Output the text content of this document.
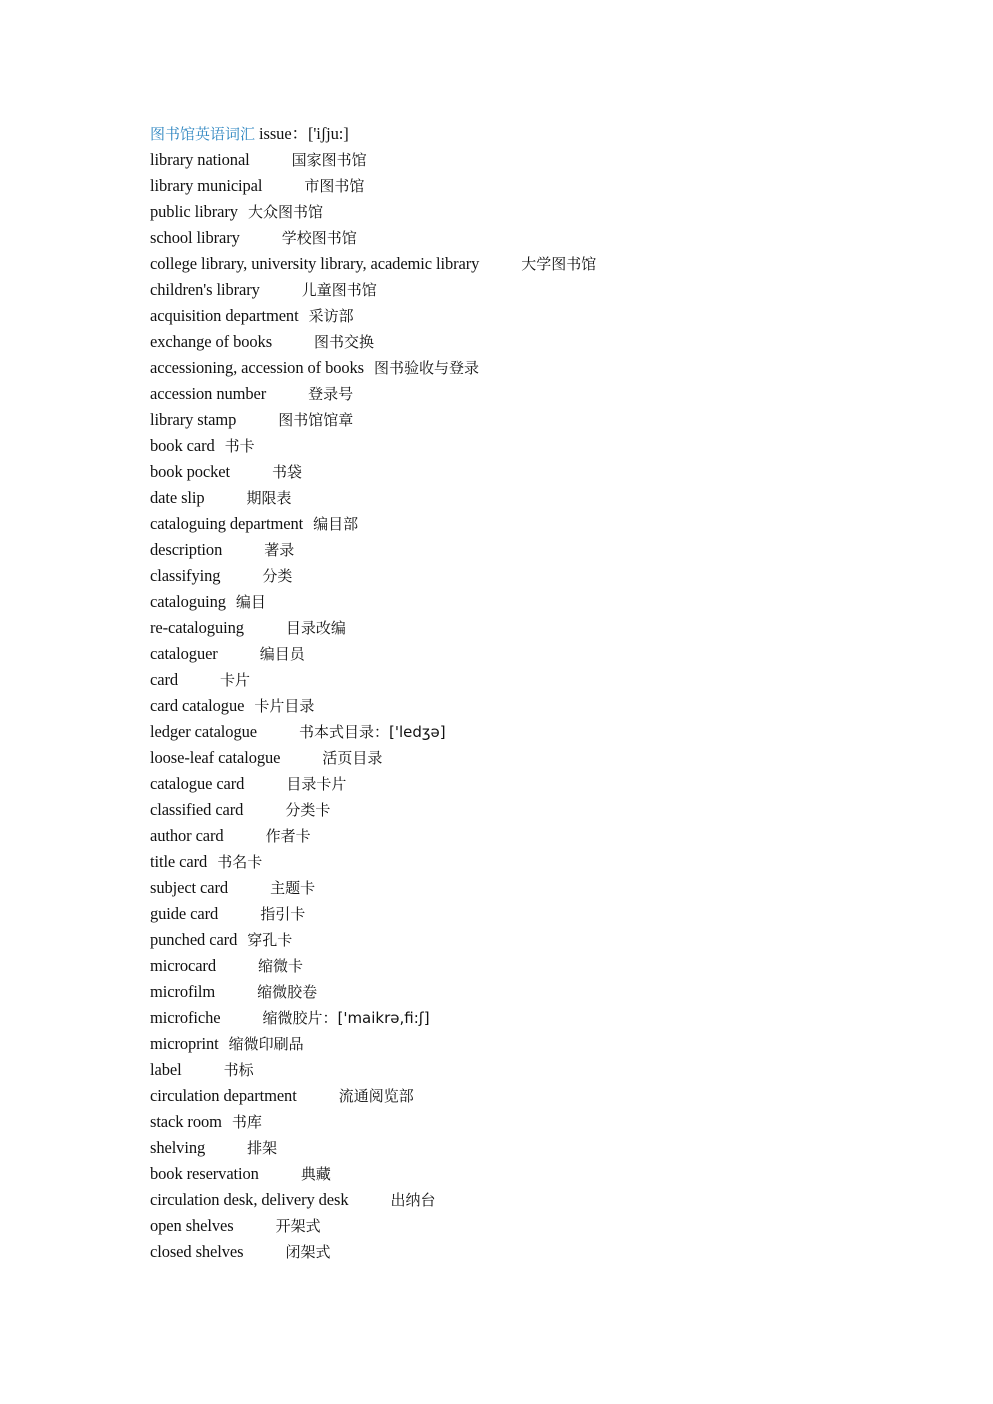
图书馆英语词汇 issue：['iʃju:]
library national	国家图书馆
library municipal	市图书馆
public library 大众图书馆
school library	学校图书馆
college library, university library, academic library	大学图书馆
children's library	儿童图书馆
acquisition department 采访部
exchange of books	图书交换
accessioning, accession of books 图书验收与登录
accession number	登录号
library stamp	图书馆馆章
book card 书卡
book pocket	书袋
date slip	期限表
cataloguing department 编目部
description	著录
classifying	分类
cataloguing 编目
re-cataloguing	目录改编
cataloguer	编目员
card	卡片
card catalogue 卡片目录
ledger catalogue	书本式目录：['ledʒə]
loose-leaf catalogue	活页目录
catalogue card	目录卡片
classified card	分类卡
author card	作者卡
title card 书名卡
subject card	主题卡
guide card	指引卡
punched card 穿孔卡
microcard	缩微卡
microfilm	缩微胶卷
microfiche	缩微胶片：['maikrə,fi:ʃ]
microprint 缩微印刷品
label	书标
circulation department	流通阅览部
stack room 书库
shelving	排架
book reservation	典藏
circulation desk, delivery desk	出纳台
open shelves	开架式
closed shelves	闭架式
